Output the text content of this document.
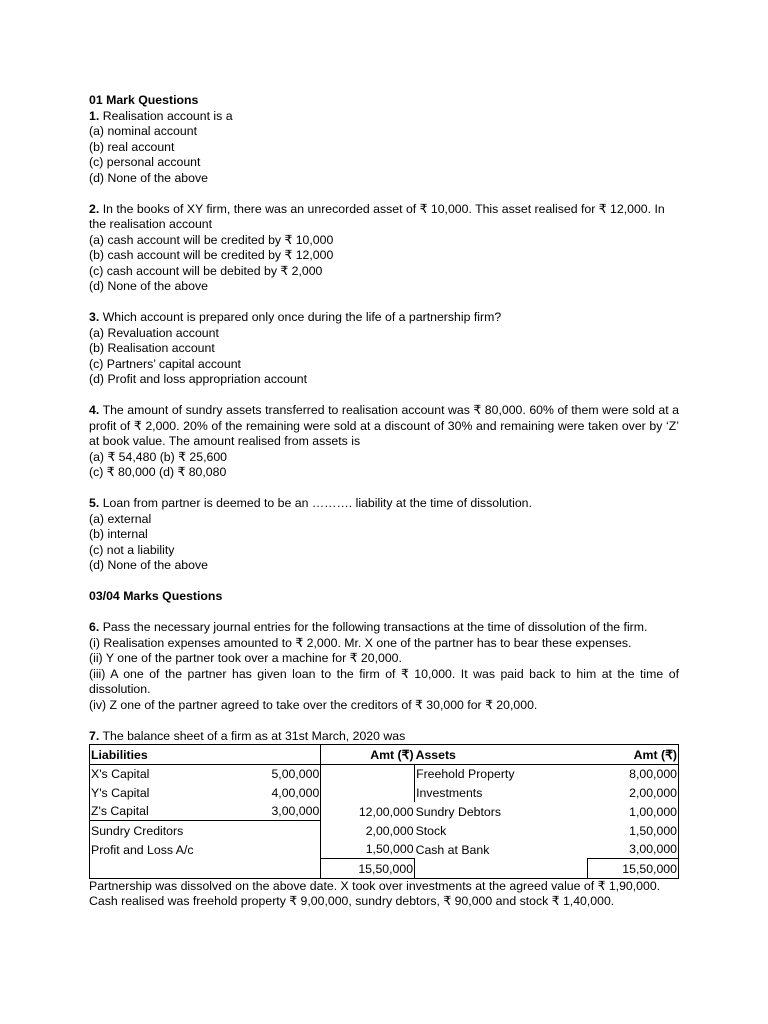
01 Mark Questions

1. Realisation account is a

(a) nominal account

(b) real account

(c) personal account

(d) None of the above

2. In the books of XY firm, there was an unrecorded asset of ₹ 10,000. This asset realised for ₹ 12,000. In

the realisation account

(a) cash account will be credited by ₹ 10,000

(b) cash account will be credited by ₹ 12,000

(c) cash account will be debited by ₹ 2,000

(d) None of the above

3. Which account is prepared only once during the life of a partnership firm?

(a) Revaluation account

(b) Realisation account

(c) Partners’ capital account

(d) Profit and loss appropriation account

4. The amount of sundry assets transferred to realisation account was ₹ 80,000. 60% of them were sold at a profit of ₹ 2,000. 20% of the remaining were sold at a discount of 30% and remaining were taken over by ‘Z’ at book value. The amount realised from assets is

(a) ₹ 54,480 (b) ₹ 25,600

(c) ₹ 80,000 (d) ₹ 80,080

5. Loan from partner is deemed to be an ………. liability at the time of dissolution.

(a) external

(b) internal

(c) not a liability

(d) None of the above

03/04 Marks Questions

6. Pass the necessary journal entries for the following transactions at the time of dissolution of the firm.

(i) Realisation expenses amounted to ₹ 2,000. Mr. X one of the partner has to bear these expenses.

(ii) Y one of the partner took over a machine for ₹ 20,000.

(iii) A one of the partner has given loan to the firm of ₹ 10,000. It was paid back to him at the time of dissolution.

(iv) Z one of the partner agreed to take over the creditors of ₹ 30,000 for ₹ 20,000.

7. The balance sheet of a firm as at 31st March, 2020 was

Liabilities		Amt (₹)	Assets	Amt (₹)
X's Capital	5,00,000		Freehold Property	8,00,000
Y's Capital	4,00,000		Investments	2,00,000
Z's Capital	3,00,000	12,00,000	Sundry Debtors	1,00,000
Sundry Creditors		2,00,000	Stock	1,50,000
Profit and Loss A/c		1,50,000	Cash at Bank	3,00,000
		15,50,000		15,50,000

Partnership was dissolved on the above date. X took over investments at the agreed value of ₹ 1,90,000.

Cash realised was freehold property ₹ 9,00,000, sundry debtors, ₹ 90,000 and stock ₹ 1,40,000.
